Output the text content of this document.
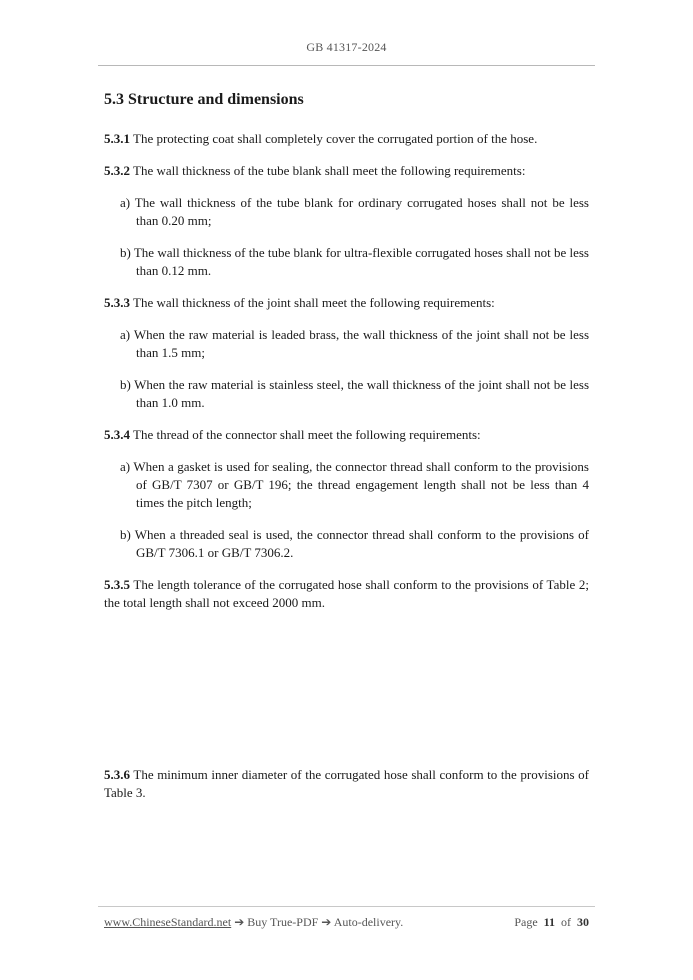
GB 41317-2024
5.3 Structure and dimensions

5.3.1 The protecting coat shall completely cover the corrugated portion of the hose.

5.3.2 The wall thickness of the tube blank shall meet the following requirements:

a) The wall thickness of the tube blank for ordinary corrugated hoses shall not be less than 0.20 mm;

b) The wall thickness of the tube blank for ultra-flexible corrugated hoses shall not be less than 0.12 mm.

5.3.3 The wall thickness of the joint shall meet the following requirements:

a) When the raw material is leaded brass, the wall thickness of the joint shall not be less than 1.5 mm;

b) When the raw material is stainless steel, the wall thickness of the joint shall not be less than 1.0 mm.

5.3.4 The thread of the connector shall meet the following requirements:

a) When a gasket is used for sealing, the connector thread shall conform to the provisions of GB/T 7307 or GB/T 196; the thread engagement length shall not be less than 4 times the pitch length;

b) When a threaded seal is used, the connector thread shall conform to the provisions of GB/T 7306.1 or GB/T 7306.2.

5.3.5 The length tolerance of the corrugated hose shall conform to the provisions of Table 2; the total length shall not exceed 2000 mm.

5.3.6 The minimum inner diameter of the corrugated hose shall conform to the provisions of Table 3.

www.ChineseStandard.net ➔ Buy True-PDF ➔ Auto-delivery.	Page 11 of 30
